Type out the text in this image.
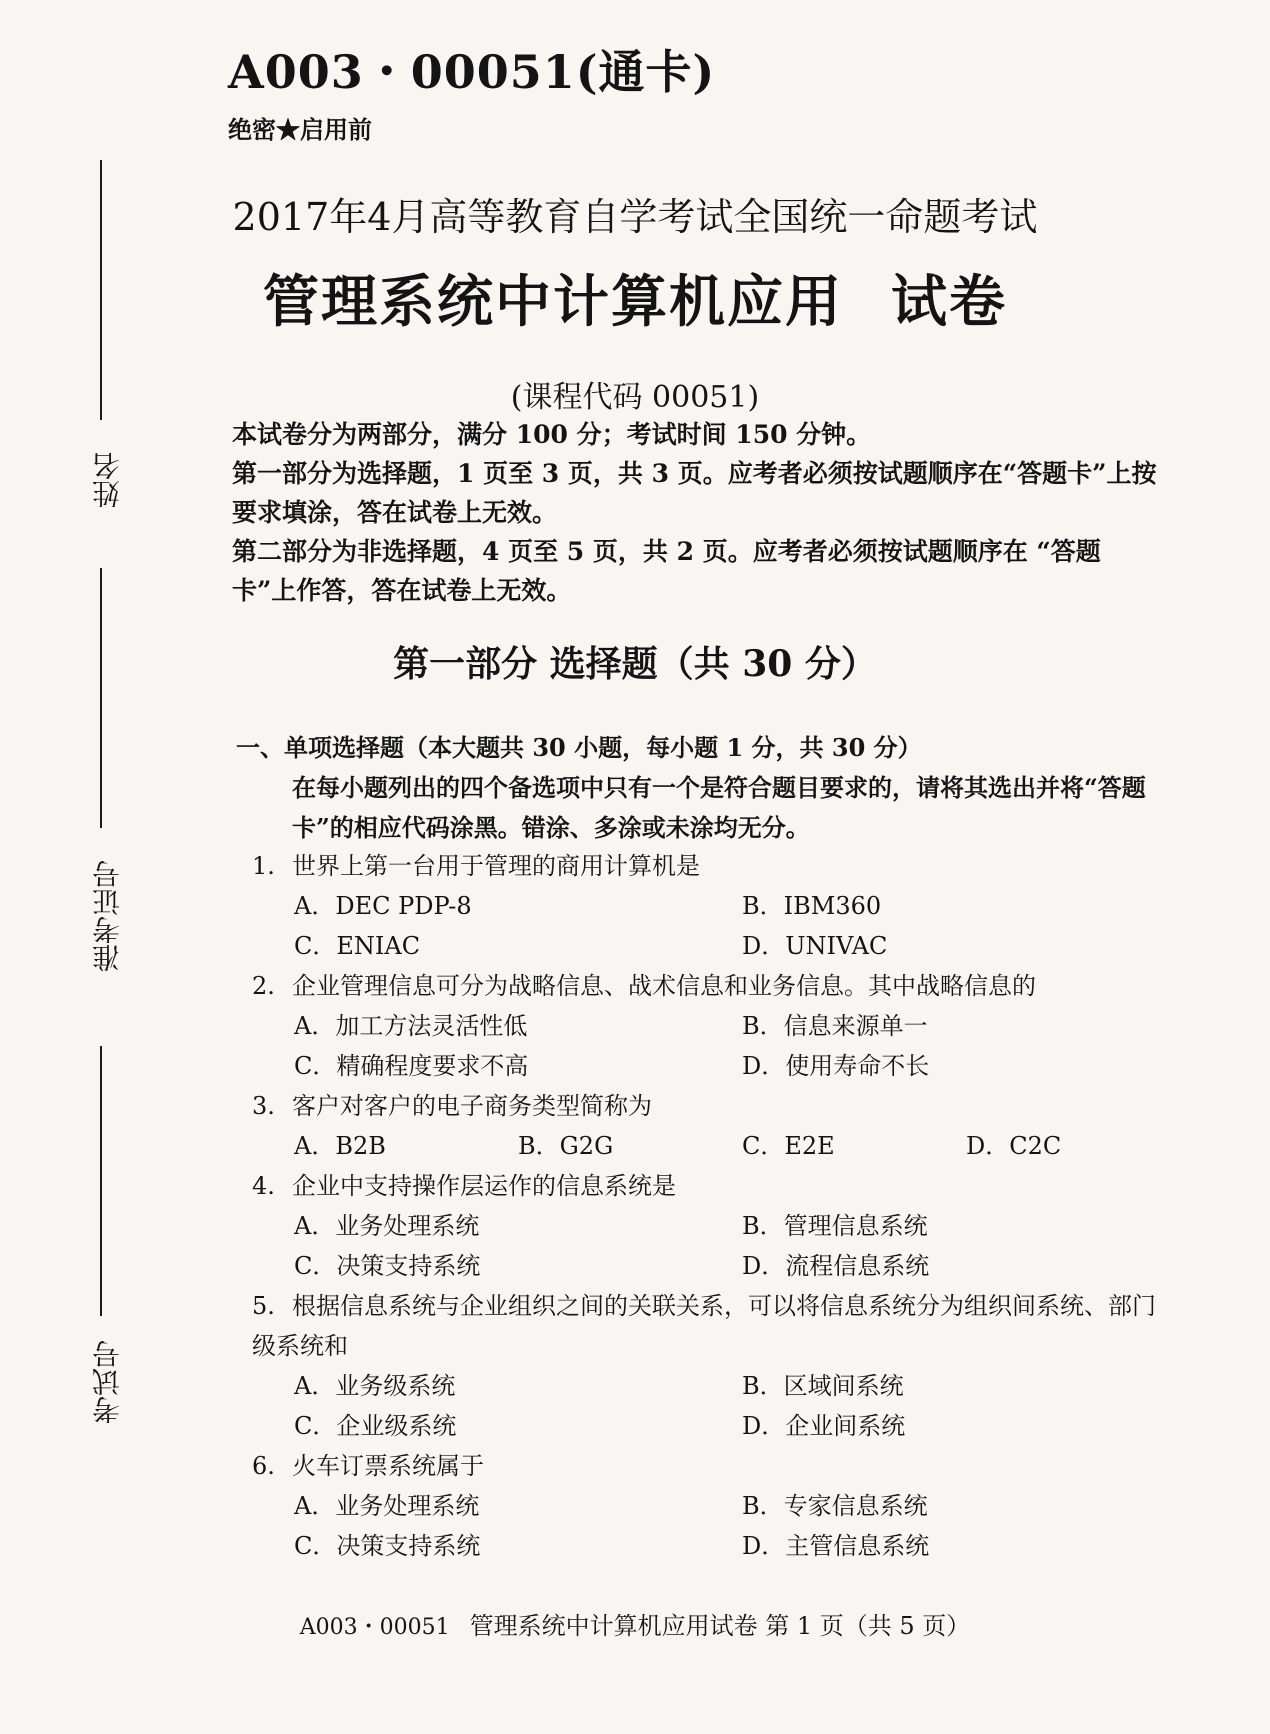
A003・00051(通卡)
绝密★启用前
姓名
准考证号
考试号
2017年4月高等教育自学考试全国统一命题考试
管理系统中计算机应用 试卷
(课程代码 00051)

本试卷分为两部分，满分 100 分；考试时间 150 分钟。

第一部分为选择题，1 页至 3 页，共 3 页。应考者必须按试题顺序在“答题卡”上按要求填涂，答在试卷上无效。

第二部分为非选择题，4 页至 5 页，共 2 页。应考者必须按试题顺序在 “答题卡”上作答，答在试卷上无效。

第一部分 选择题（共 30 分）
一、单项选择题（本大题共 30 小题，每小题 1 分，共 30 分）
在每小题列出的四个备选项中只有一个是符合题目要求的，请将其选出并将“答题卡”的相应代码涂黑。错涂、多涂或未涂均无分。
1. 世界上第一台用于管理的商用计算机是
A．DEC PDP-8	B．IBM360
C．ENIAC	D．UNIVAC
2. 企业管理信息可分为战略信息、战术信息和业务信息。其中战略信息的
A．加工方法灵活性低	B．信息来源单一
C．精确程度要求不高	D．使用寿命不长
3. 客户对客户的电子商务类型简称为
A．B2B	B．G2G	C．E2E	D．C2C
4. 企业中支持操作层运作的信息系统是
A．业务处理系统	B．管理信息系统
C．决策支持系统	D．流程信息系统
5. 根据信息系统与企业组织之间的关联关系，可以将信息系统分为组织间系统、部门
级系统和
A．业务级系统	B．区域间系统
C．企业级系统	D．企业间系统
6. 火车订票系统属于
A．业务处理系统	B．专家信息系统
C．决策支持系统	D．主管信息系统
A003・00051 管理系统中计算机应用试卷 第 1 页（共 5 页）
